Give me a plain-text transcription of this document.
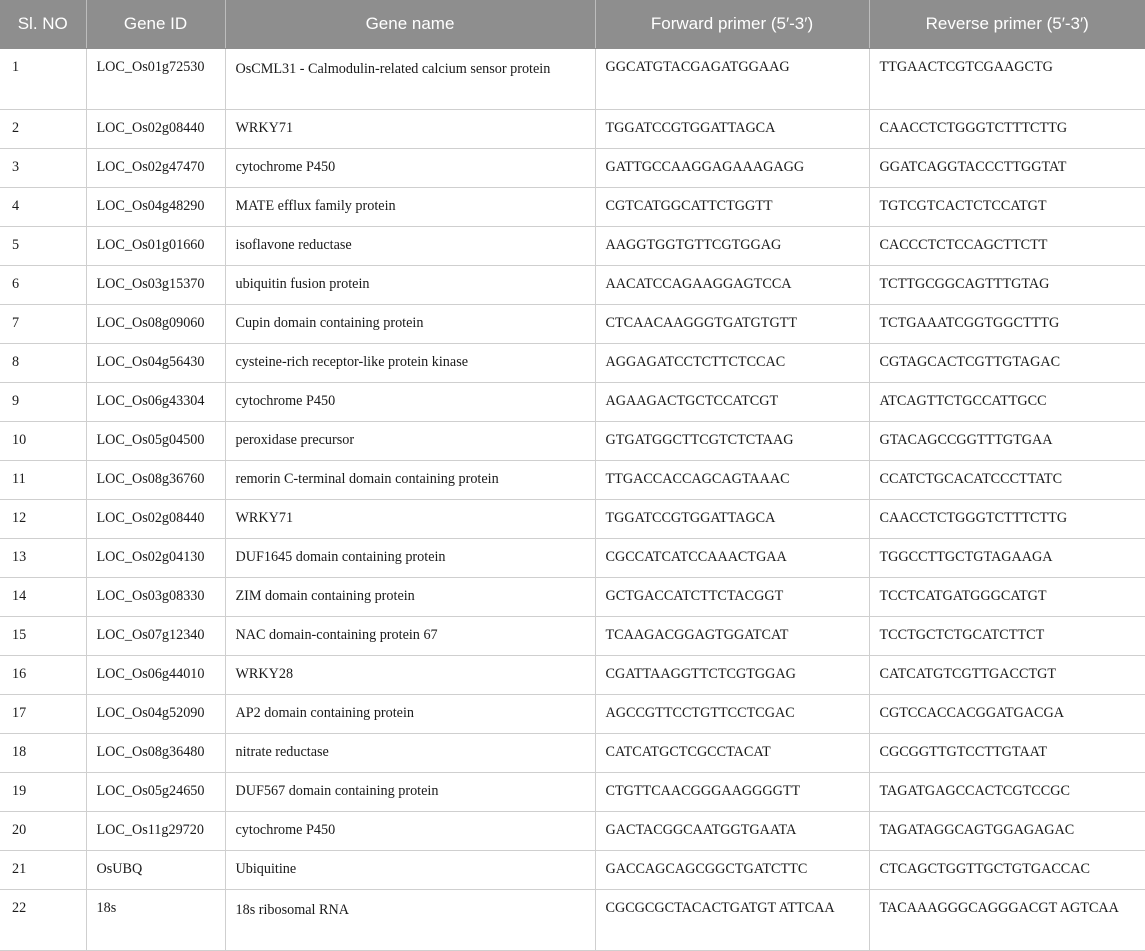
Sl. NO	Gene ID	Gene name	Forward primer (5′-3′)	Reverse primer (5′-3′)
1	LOC_Os01g72530	OsCML31 - Calmodulin-related calcium sensor protein	GGCATGTACGAGATGGAAG	TTGAACTCGTCGAAGCTG
2	LOC_Os02g08440	WRKY71	TGGATCCGTGGATTAGCA	CAACCTCTGGGTCTTTCTTG
3	LOC_Os02g47470	cytochrome P450	GATTGCCAAGGAGAAAGAGG	GGATCAGGTACCCTTGGTAT
4	LOC_Os04g48290	MATE efflux family protein	CGTCATGGCATTCTGGTT	TGTCGTCACTCTCCATGT
5	LOC_Os01g01660	isoflavone reductase	AAGGTGGTGTTCGTGGAG	CACCCTCTCCAGCTTCTT
6	LOC_Os03g15370	ubiquitin fusion protein	AACATCCAGAAGGAGTCCA	TCTTGCGGCAGTTTGTAG
7	LOC_Os08g09060	Cupin domain containing protein	CTCAACAAGGGTGATGTGTT	TCTGAAATCGGTGGCTTTG
8	LOC_Os04g56430	cysteine-rich receptor-like protein kinase	AGGAGATCCTCTTCTCCAC	CGTAGCACTCGTTGTAGAC
9	LOC_Os06g43304	cytochrome P450	AGAAGACTGCTCCATCGT	ATCAGTTCTGCCATTGCC
10	LOC_Os05g04500	peroxidase precursor	GTGATGGCTTCGTCTCTAAG	GTACAGCCGGTTTGTGAA
11	LOC_Os08g36760	remorin C-terminal domain containing protein	TTGACCACCAGCAGTAAAC	CCATCTGCACATCCCTTATC
12	LOC_Os02g08440	WRKY71	TGGATCCGTGGATTAGCA	CAACCTCTGGGTCTTTCTTG
13	LOC_Os02g04130	DUF1645 domain containing protein	CGCCATCATCCAAACTGAA	TGGCCTTGCTGTAGAAGA
14	LOC_Os03g08330	ZIM domain containing protein	GCTGACCATCTTCTACGGT	TCCTCATGATGGGCATGT
15	LOC_Os07g12340	NAC domain-containing protein 67	TCAAGACGGAGTGGATCAT	TCCTGCTCTGCATCTTCT
16	LOC_Os06g44010	WRKY28	CGATTAAGGTTCTCGTGGAG	CATCATGTCGTTGACCTGT
17	LOC_Os04g52090	AP2 domain containing protein	AGCCGTTCCTGTTCCTCGAC	CGTCCACCACGGATGACGA
18	LOC_Os08g36480	nitrate reductase	CATCATGCTCGCCTACAT	CGCGGTTGTCCTTGTAAT
19	LOC_Os05g24650	DUF567 domain containing protein	CTGTTCAACGGGAAGGGGTT	TAGATGAGCCACTCGTCCGC
20	LOC_Os11g29720	cytochrome P450	GACTACGGCAATGGTGAATA	TAGATAGGCAGTGGAGAGAC
21	OsUBQ	Ubiquitine	GACCAGCAGCGGCTGATCTTC	CTCAGCTGGTTGCTGTGACCAC
22	18s	18s ribosomal RNA	CGCGCGCTACACTGATGT ATTCAA	TACAAAGGGCAGGGACGT AGTCAA
